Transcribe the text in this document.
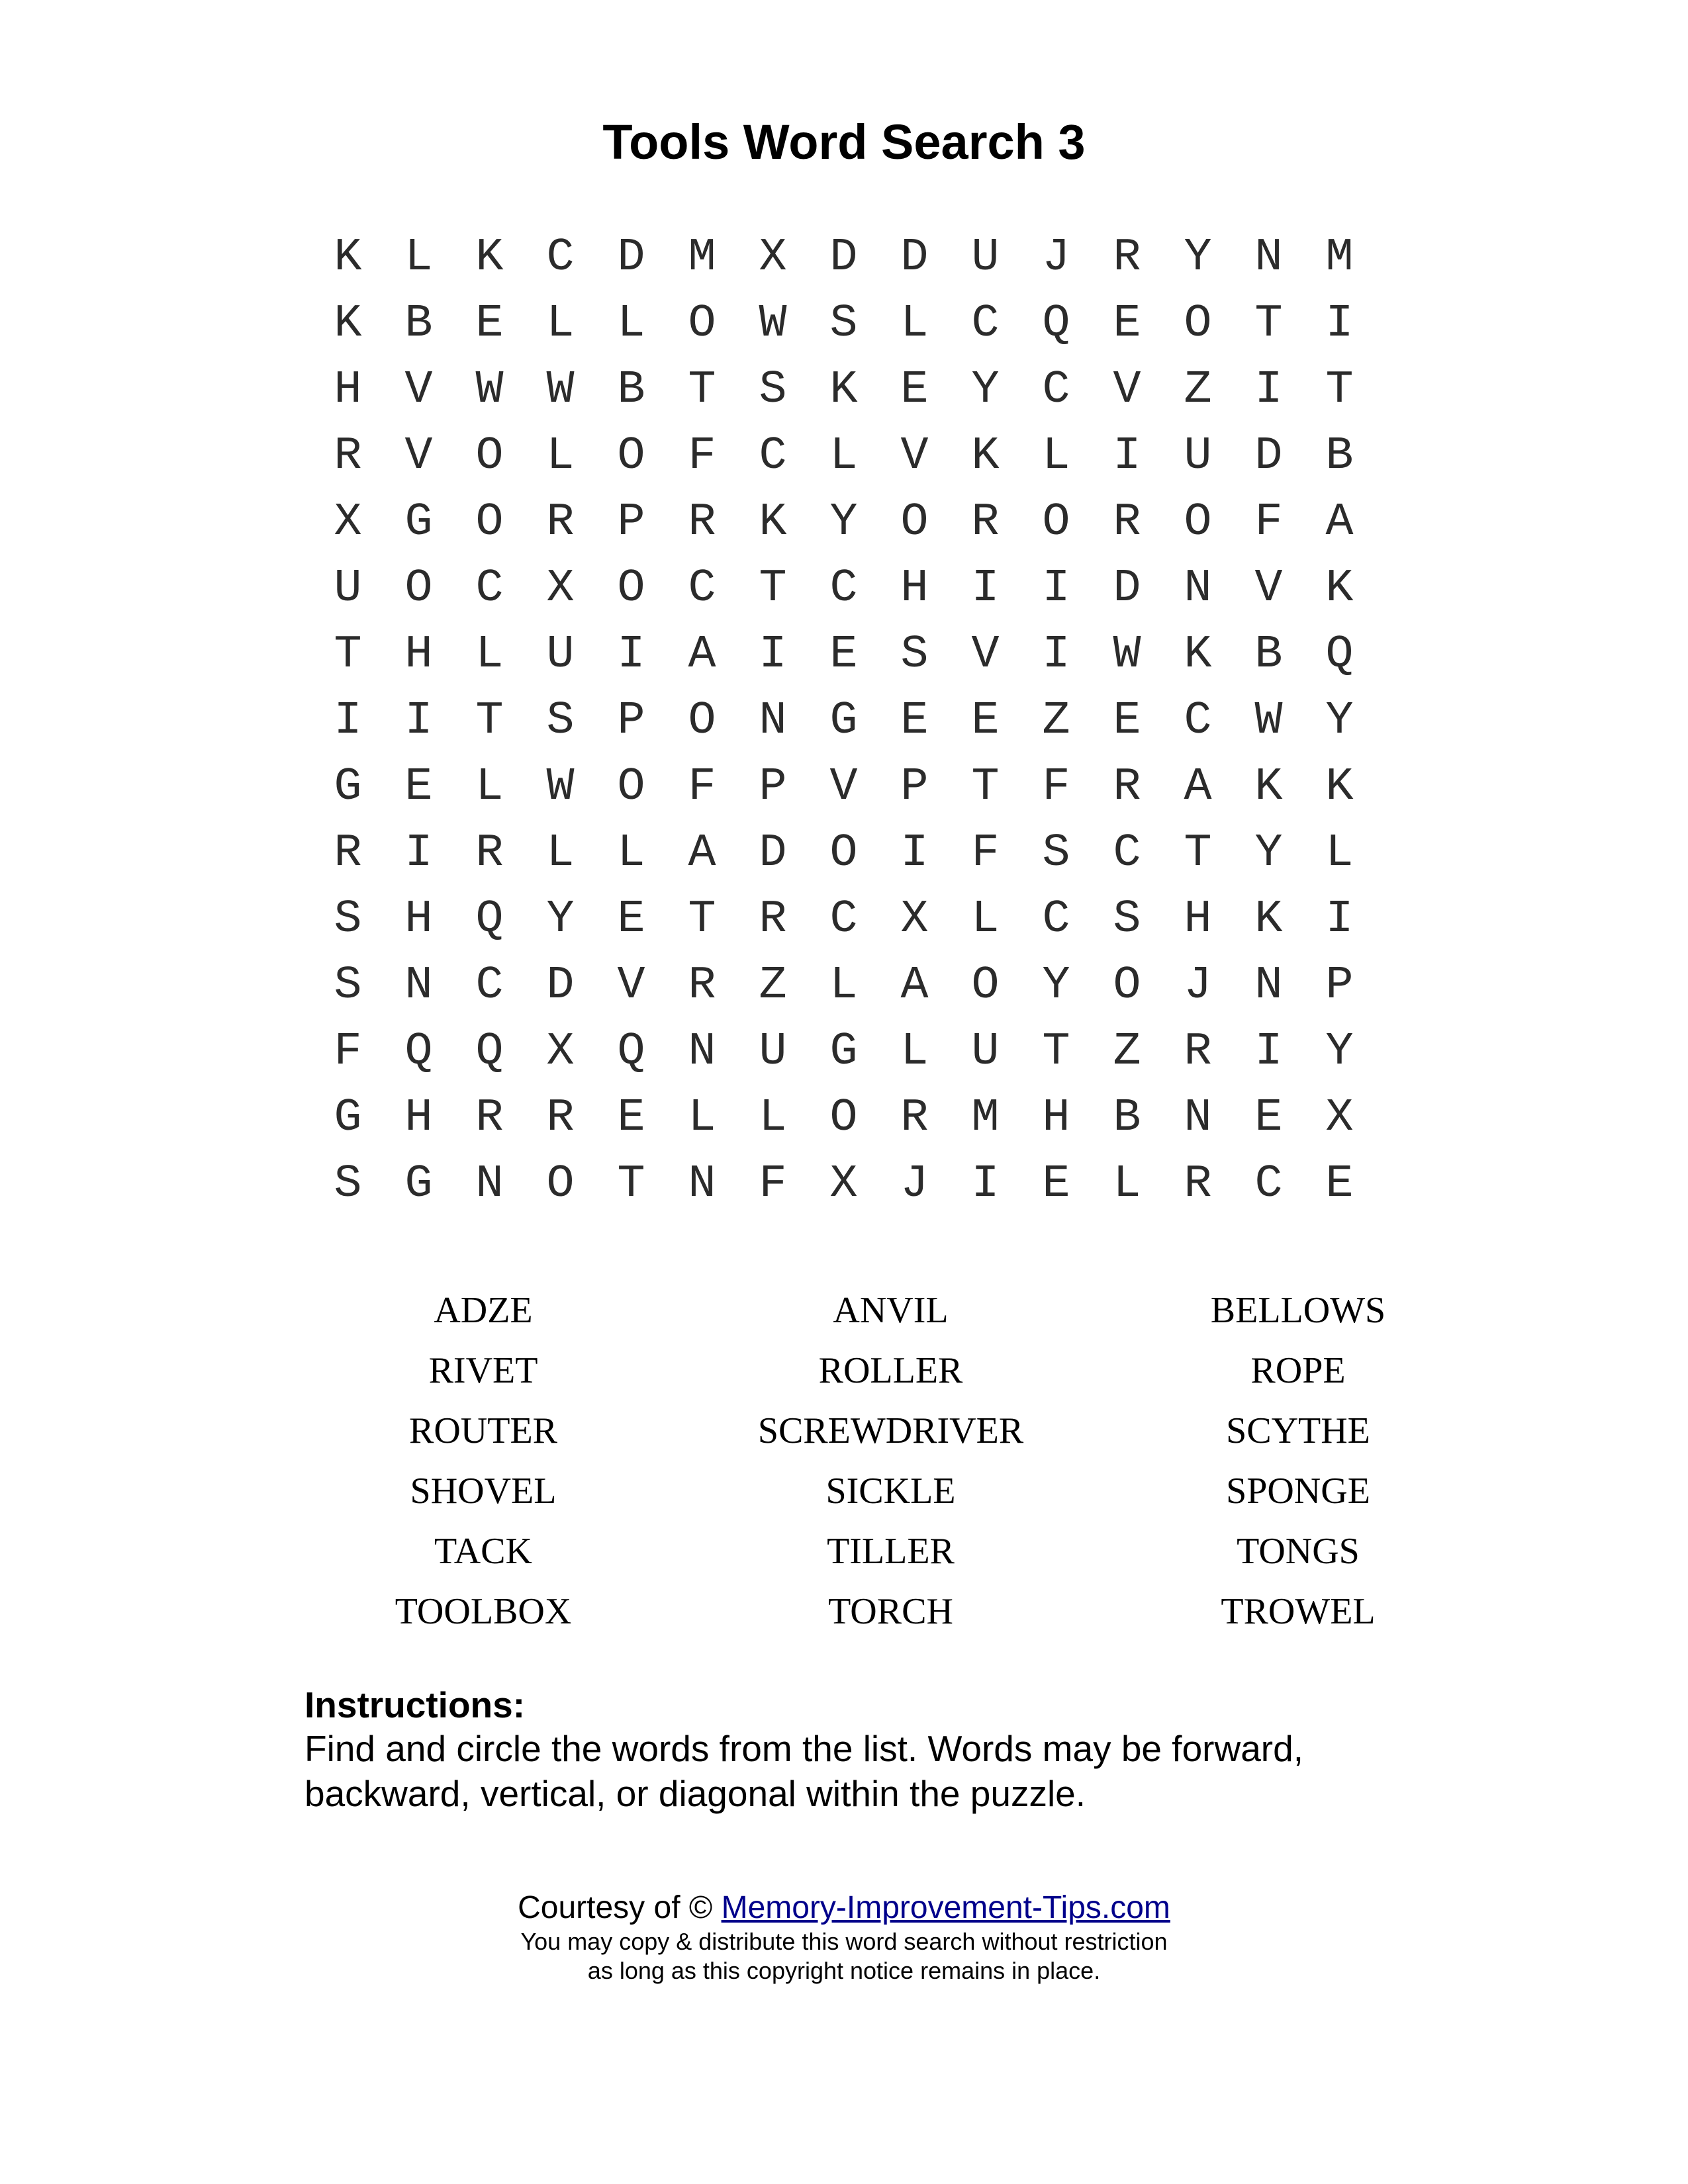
Tools Word Search 3
K L K C D M X D D U J R Y N M
K B E L L O W S L C Q E O T I
H V W W B T S K E Y C V Z I T
R V O L O F C L V K L I U D B
X G O R P R K Y O R O R O F A
U O C X O C T C H I I D N V K
T H L U I A I E S V I W K B Q
I I T S P O N G E E Z E C W Y
G E L W O F P V P T F R A K K
R I R L L A D O I F S C T Y L
S H Q Y E T R C X L C S H K I
S N C D V R Z L A O Y O J N P
F Q Q X Q N U G L U T Z R I Y
G H R R E L L O R M H B N E X
S G N O T N F X J I E L R C E
ADZE	ANVIL	BELLOWS
RIVET	ROLLER	ROPE
ROUTER	SCREWDRIVER	SCYTHE
SHOVEL	SICKLE	SPONGE
TACK	TILLER	TONGS
TOOLBOX	TORCH	TROWEL
Instructions:
Find and circle the words from the list. Words may be forward, backward, vertical, or diagonal within the puzzle.
Courtesy of © Memory-Improvement-Tips.com
You may copy & distribute this word search without restriction
as long as this copyright notice remains in place.
